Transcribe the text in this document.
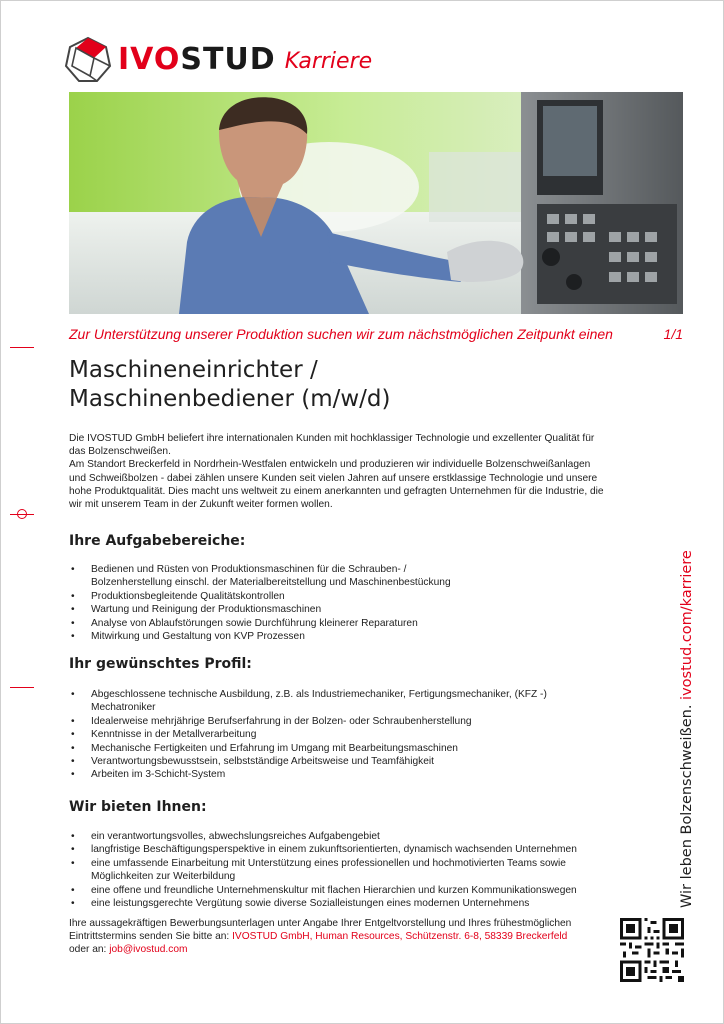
IVOSTUD Karriere
Zur Unterstützung unserer Produktion suchen wir zum nächstmöglichen Zeitpunkt einen	1/1
Maschineneinrichter /
Maschinenbediener (m/w/d)

Die IVOSTUD GmbH beliefert ihre internationalen Kunden mit hochklassiger Technologie und exzellenter Qualität für das Bolzenschweißen.

Am Standort Breckerfeld in Nordrhein-Westfalen entwickeln und produzieren wir individuelle Bolzenschweißanlagen und Schweißbolzen - dabei zählen unsere Kunden seit vielen Jahren auf unsere erstklassige Technologie und unsere hohe Produktqualität. Dies macht uns weltweit zu einem anerkannten und gefragten Unternehmen für die Industrie, die wir mit unserem Team in der Zukunft weiter formen wollen.

Ihre Aufgabebereiche:
• Bedienen und Rüsten von Produktionsmaschinen für die Schrauben- / Bolzenherstellung einschl. der Materialbereitstellung und Maschinenbestückung
• Produktionsbegleitende Qualitätskontrollen
• Wartung und Reinigung der Produktionsmaschinen
• Analyse von Ablaufstörungen sowie Durchführung kleinerer Reparaturen
• Mitwirkung und Gestaltung von KVP Prozessen
Ihr gewünschtes Profil:
• Abgeschlossene technische Ausbildung, z.B. als Industriemechaniker, Fertigungsmechaniker, (KFZ -) Mechatroniker
• Idealerweise mehrjährige Berufserfahrung in der Bolzen- oder Schraubenherstellung
• Kenntnisse in der Metallverarbeitung
• Mechanische Fertigkeiten und Erfahrung im Umgang mit Bearbeitungsmaschinen
• Verantwortungsbewusstsein, selbstständige Arbeitsweise und Teamfähigkeit
• Arbeiten im 3-Schicht-System
Wir bieten Ihnen:
• ein verantwortungsvolles, abwechslungsreiches Aufgabengebiet
• langfristige Beschäftigungsperspektive in einem zukunftsorientierten, dynamisch wachsenden Unternehmen
• eine umfassende Einarbeitung mit Unterstützung eines professionellen und hochmotivierten Teams sowie Möglichkeiten zur Weiterbildung
• eine offene und freundliche Unternehmenskultur mit flachen Hierarchien und kurzen Kommunikationswegen
• eine leistungsgerechte Vergütung sowie diverse Sozialleistungen eines modernen Unternehmens
Ihre aussagekräftigen Bewerbungsunterlagen unter Angabe Ihrer Entgeltvorstellung und Ihres frühestmöglichen Eintrittstermins senden Sie bitte an: IVOSTUD GmbH, Human Resources, Schützenstr. 6-8, 58339 Breckerfeld
oder an: job@ivostud.com
Wir leben Bolzenschweißen. ivostud.com/karriere
